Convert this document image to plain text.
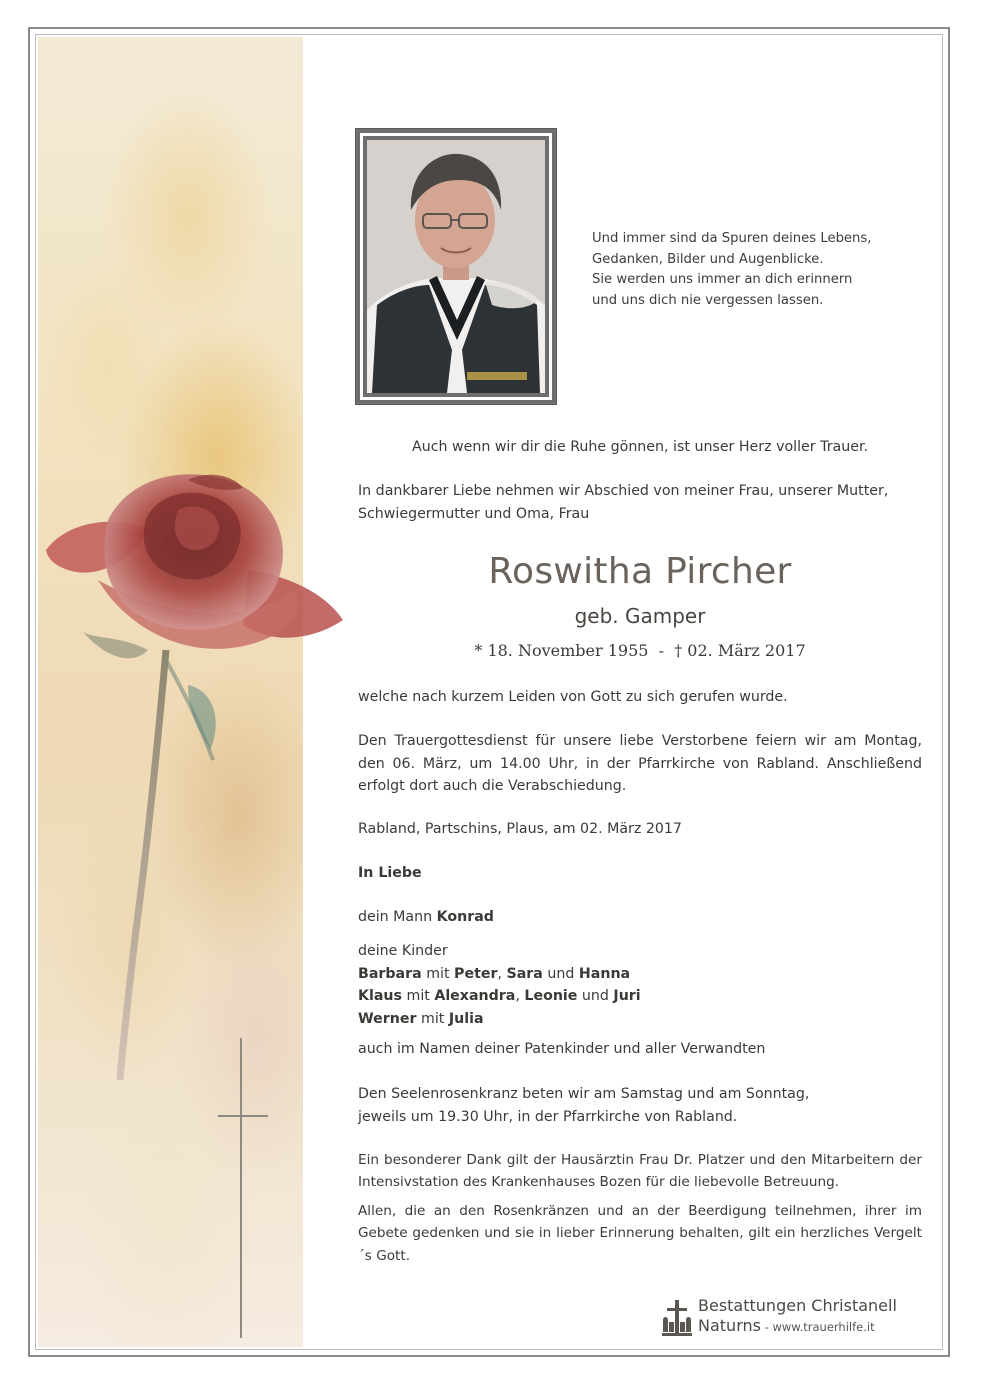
Und immer sind da Spuren deines Lebens,
Gedanken, Bilder und Augenblicke.
Sie werden uns immer an dich erinnern
und uns dich nie vergessen lassen.
Auch wenn wir dir die Ruhe gönnen, ist unser Herz voller Trauer.
In dankbarer Liebe nehmen wir Abschied von meiner Frau, unserer Mutter, Schwiegermutter und Oma, Frau
Roswitha Pircher
geb. Gamper
* 18. November 1955  -  † 02. März 2017
welche nach kurzem Leiden von Gott zu sich gerufen wurde.
Den Trauergottesdienst für unsere liebe Verstorbene feiern wir am Montag, den 06. März, um 14.00 Uhr, in der Pfarrkirche von Rabland. Anschließend erfolgt dort auch die Verabschiedung.
Rabland, Partschins, Plaus, am 02. März 2017
In Liebe
dein Mann Konrad
deine Kinder
Barbara mit Peter, Sara und Hanna
Klaus mit Alexandra, Leonie und Juri
Werner mit Julia
auch im Namen deiner Patenkinder und aller Verwandten
Den Seelenrosenkranz beten wir am Samstag und am Sonntag,
jeweils um 19.30 Uhr, in der Pfarrkirche von Rabland.
Ein besonderer Dank gilt der Hausärztin Frau Dr. Platzer und den Mitarbeitern der Intensivstation des Krankenhauses Bozen für die liebevolle Betreuung.
Allen, die an den Rosenkränzen und an der Beerdigung teilnehmen, ihrer im Gebete gedenken und sie in lieber Erinnerung behalten, gilt ein herzliches Vergelt´s Gott.
Bestattungen Christanell
Naturns - www.trauerhilfe.it
